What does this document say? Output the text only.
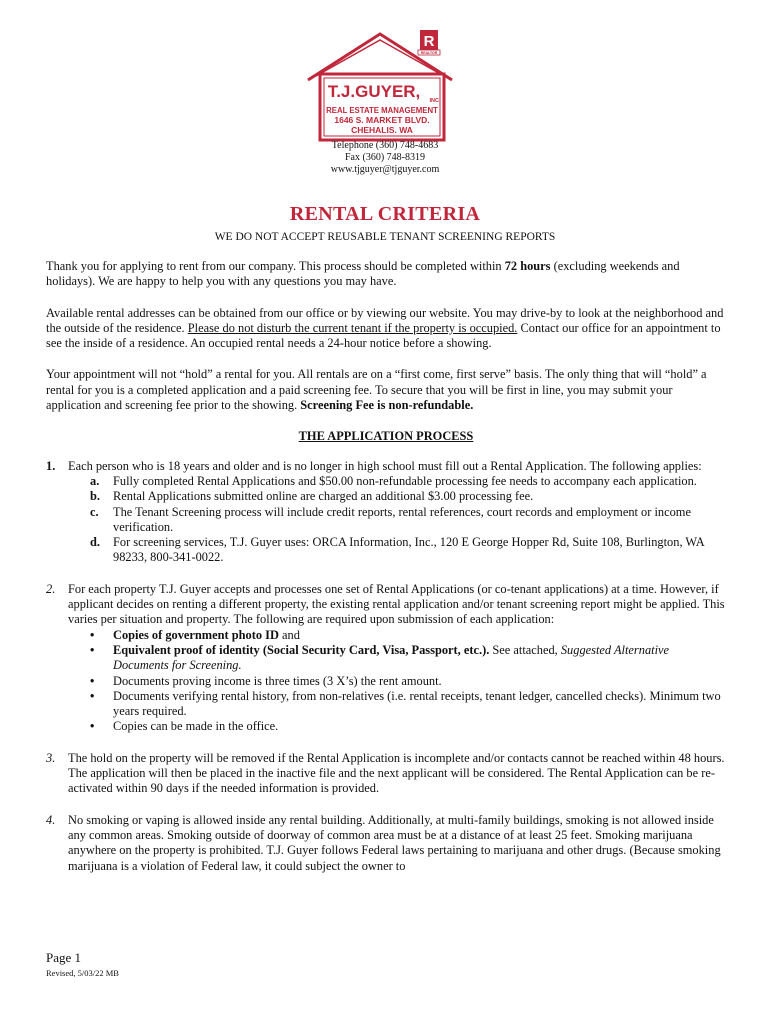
R
REALTOR
T.J.GUYER, INC.
REAL ESTATE MANAGEMENT
1646 S. MARKET BLVD.
CHEHALIS. WA
Telephone (360) 748-4683
Fax (360) 748-8319
www.tjguyer@tjguyer.com
RENTAL CRITERIA
WE DO NOT ACCEPT REUSABLE TENANT SCREENING REPORTS

Thank you for applying to rent from our company. This process should be completed within 72 hours (excluding weekends and holidays). We are happy to help you with any questions you may have.

Available rental addresses can be obtained from our office or by viewing our website. You may drive-by to look at the neighborhood and the outside of the residence. Please do not disturb the current tenant if the property is occupied. Contact our office for an appointment to see the inside of a residence. An occupied rental needs a 24-hour notice before a showing.

Your appointment will not “hold” a rental for you. All rentals are on a “first come, first serve” basis. The only thing that will “hold” a rental for you is a completed application and a paid screening fee. To secure that you will be first in line, you may submit your application and screening fee prior to the showing. Screening Fee is non-refundable.

THE APPLICATION PROCESS
1. Each person who is 18 years and older and is no longer in high school must fill out a Rental Application. The following applies:
a. Fully completed Rental Applications and $50.00 non-refundable processing fee needs to accompany each application.
b. Rental Applications submitted online are charged an additional $3.00 processing fee.
c. The Tenant Screening process will include credit reports, rental references, court records and employment or income verification.
d. For screening services, T.J. Guyer uses: ORCA Information, Inc., 120 E George Hopper Rd, Suite 108, Burlington, WA 98233, 800-341-0022.
2. For each property T.J. Guyer accepts and processes one set of Rental Applications (or co-tenant applications) at a time. However, if applicant decides on renting a different property, the existing rental application and/or tenant screening report might be applied. This varies per situation and property. The following are required upon submission of each application:
• Copies of government photo ID and
• Equivalent proof of identity (Social Security Card, Visa, Passport, etc.). See attached, Suggested Alternative Documents for Screening.
• Documents proving income is three times (3 X’s) the rent amount.
• Documents verifying rental history, from non-relatives (i.e. rental receipts, tenant ledger, cancelled checks). Minimum two years required.
• Copies can be made in the office.
3. The hold on the property will be removed if the Rental Application is incomplete and/or contacts cannot be reached within 48 hours. The application will then be placed in the inactive file and the next applicant will be considered. The Rental Application can be re-activated within 90 days if the needed information is provided.
4. No smoking or vaping is allowed inside any rental building. Additionally, at multi-family buildings, smoking is not allowed inside any common areas. Smoking outside of doorway of common area must be at a distance of at least 25 feet. Smoking marijuana anywhere on the property is prohibited. T.J. Guyer follows Federal laws pertaining to marijuana and other drugs. (Because smoking marijuana is a violation of Federal law, it could subject the owner to
Page 1
Revised, 5/03/22 MB
